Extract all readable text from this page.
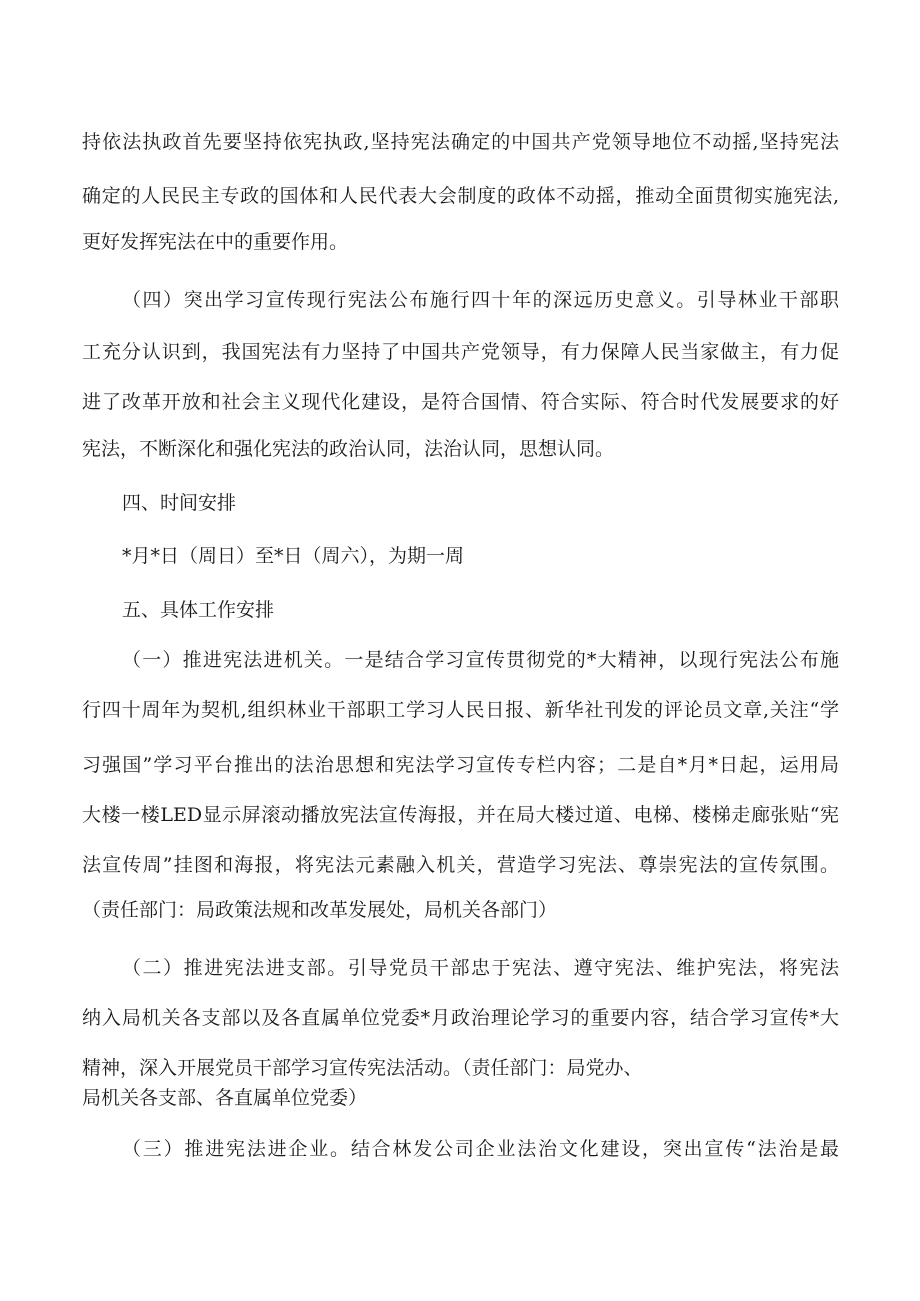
持依法执政首先要坚持依宪执政,坚持宪法确定的中国共产党领导地位不动摇,坚持宪法
确定的人民民主专政的国体和人民代表大会制度的政体不动摇，推动全面贯彻实施宪法,
更好发挥宪法在中的重要作用。
（四）突出学习宣传现行宪法公布施行四十年的深远历史意义。引导林业干部职
工充分认识到，我国宪法有力坚持了中国共产党领导，有力保障人民当家做主，有力促
进了改革开放和社会主义现代化建设，是符合国情、符合实际、符合时代发展要求的好
宪法，不断深化和强化宪法的政治认同，法治认同，思想认同。
四、时间安排
*月*日（周日）至*日（周六），为期一周
五、具体工作安排
（一）推进宪法进机关。一是结合学习宣传贯彻党的*大精神，以现行宪法公布施
行四十周年为契机,组织林业干部职工学习人民日报、新华社刊发的评论员文章,关注“学
习强国”学习平台推出的法治思想和宪法学习宣传专栏内容；二是自*月*日起，运用局
大楼一楼LED显示屏滚动播放宪法宣传海报，并在局大楼过道、电梯、楼梯走廊张贴“宪
法宣传周”挂图和海报，将宪法元素融入机关，营造学习宪法、尊崇宪法的宣传氛围。
（责任部门：局政策法规和改革发展处，局机关各部门）
（二）推进宪法进支部。引导党员干部忠于宪法、遵守宪法、维护宪法，将宪法
纳入局机关各支部以及各直属单位党委*月政治理论学习的重要内容，结合学习宣传*大
精神，深入开展党员干部学习宣传宪法活动。（责任部门：局党办、
局机关各支部、各直属单位党委）
（三）推进宪法进企业。结合林发公司企业法治文化建设，突出宣传“法治是最
